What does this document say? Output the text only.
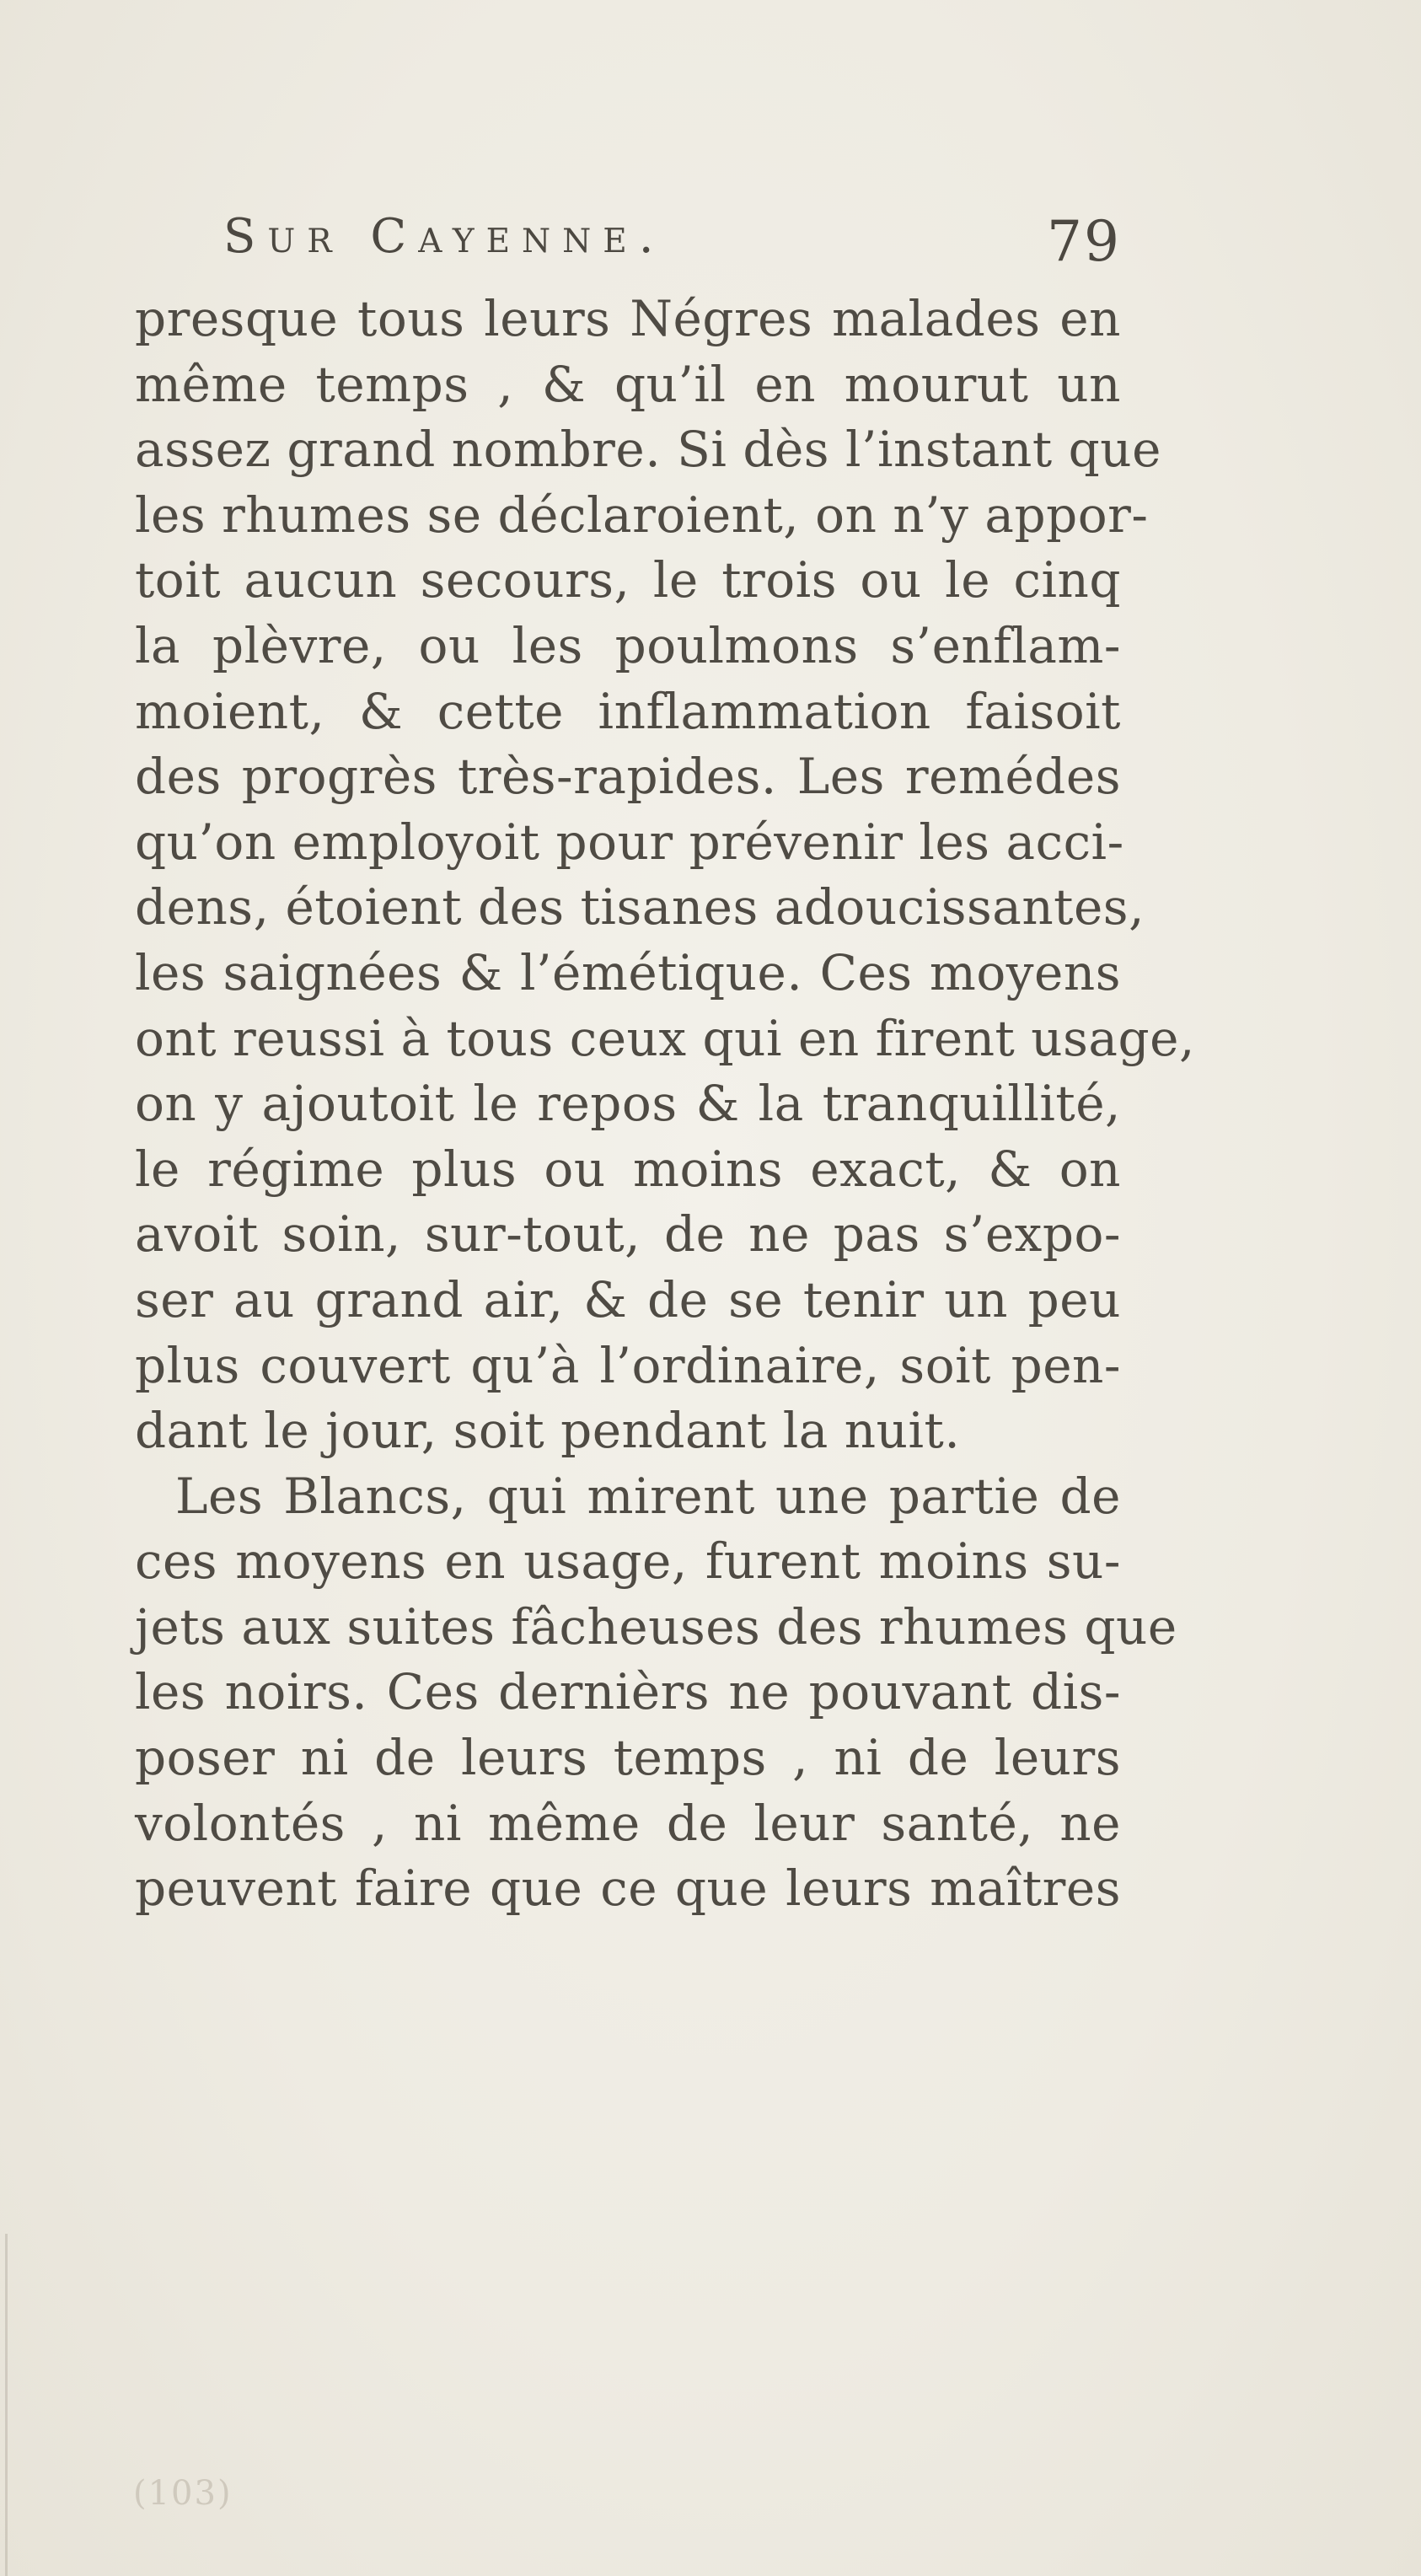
Sur Cayenne.	79
presque tous leurs Négres malades en
même temps , & qu’il en mourut un
assez grand nombre. Si dès l’instant que
les rhumes se déclaroient, on n’y appor-
toit aucun secours, le trois ou le cinq
la plèvre, ou les poulmons s’enflam-
moient, & cette inflammation faisoit
des progrès très-rapides. Les remédes
qu’on employoit pour prévenir les acci-
dens, étoient des tisanes adoucissantes,
les saignées & l’émétique. Ces moyens
ont reussi à tous ceux qui en firent usage,
on y ajoutoit le repos & la tranquillité,
le régime plus ou moins exact, & on
avoit soin, sur-tout, de ne pas s’expo-
ser au grand air, & de se tenir un peu
plus couvert qu’à l’ordinaire, soit pen-
dant le jour, soit pendant la nuit.
Les Blancs, qui mirent une partie de
ces moyens en usage, furent moins su-
jets aux suites fâcheuses des rhumes que
les noirs. Ces dernièrs ne pouvant dis-
poser ni de leurs temps , ni de leurs
volontés , ni même de leur santé, ne
peuvent faire que ce que leurs maîtres
(103)
